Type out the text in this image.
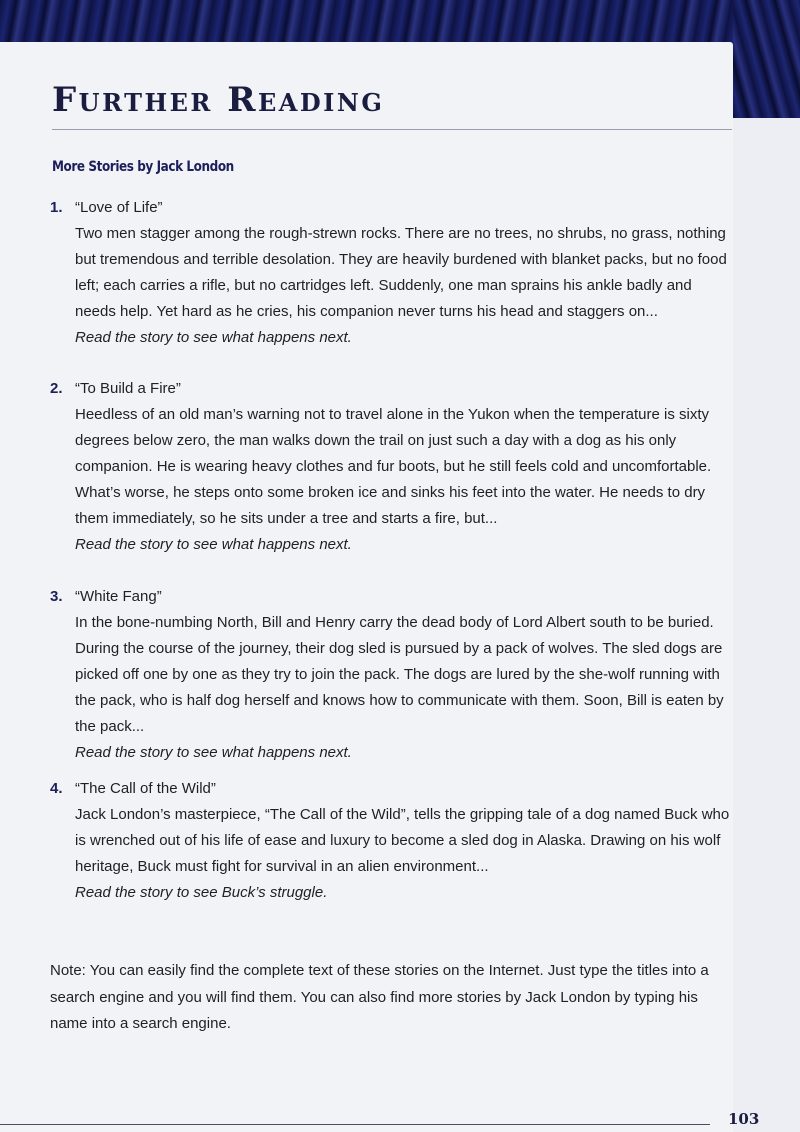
Further Reading
More Stories by Jack London
1. “Love of Life”

Two men stagger among the rough-strewn rocks. There are no trees, no shrubs, no grass, nothing but tremendous and terrible desolation. They are heavily burdened with blanket packs, but no food left; each carries a rifle, but no cartridges left. Suddenly, one man sprains his ankle badly and needs help. Yet hard as he cries, his companion never turns his head and staggers on...

Read the story to see what happens next.

2. “To Build a Fire”

Heedless of an old man’s warning not to travel alone in the Yukon when the temperature is sixty degrees below zero, the man walks down the trail on just such a day with a dog as his only companion. He is wearing heavy clothes and fur boots, but he still feels cold and uncomfortable. What’s worse, he steps onto some broken ice and sinks his feet into the water. He needs to dry them immediately, so he sits under a tree and starts a fire, but...

Read the story to see what happens next.

3. “White Fang”

In the bone-numbing North, Bill and Henry carry the dead body of Lord Albert south to be buried. During the course of the journey, their dog sled is pursued by a pack of wolves. The sled dogs are picked off one by one as they try to join the pack. The dogs are lured by the she-wolf running with the pack, who is half dog herself and knows how to communicate with them. Soon, Bill is eaten by the pack...

Read the story to see what happens next.

4. “The Call of the Wild”

Jack London’s masterpiece, “The Call of the Wild”, tells the gripping tale of a dog named Buck who is wrenched out of his life of ease and luxury to become a sled dog in Alaska. Drawing on his wolf heritage, Buck must fight for survival in an alien environment...

Read the story to see Buck’s struggle.

Note: You can easily find the complete text of these stories on the Internet. Just type the titles into a search engine and you will find them. You can also find more stories by Jack London by typing his name into a search engine.

103
